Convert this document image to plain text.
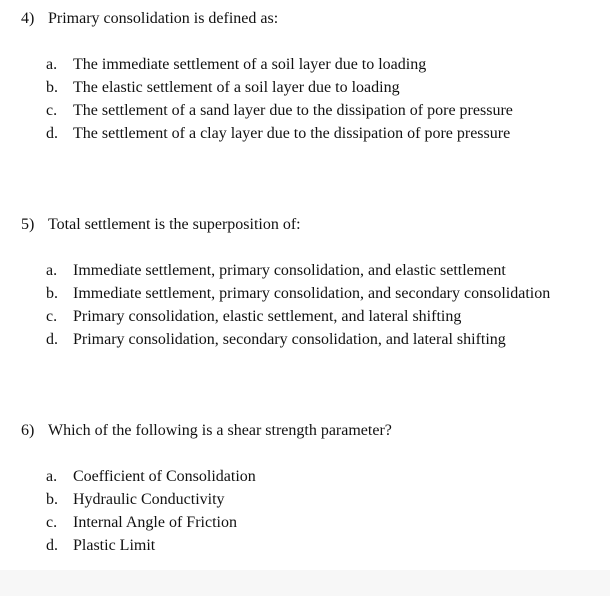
4) Primary consolidation is defined as:
a. The immediate settlement of a soil layer due to loading
b. The elastic settlement of a soil layer due to loading
c. The settlement of a sand layer due to the dissipation of pore pressure
d. The settlement of a clay layer due to the dissipation of pore pressure
5) Total settlement is the superposition of:
a. Immediate settlement, primary consolidation, and elastic settlement
b. Immediate settlement, primary consolidation, and secondary consolidation
c. Primary consolidation, elastic settlement, and lateral shifting
d. Primary consolidation, secondary consolidation, and lateral shifting
6) Which of the following is a shear strength parameter?
a. Coefficient of Consolidation
b. Hydraulic Conductivity
c. Internal Angle of Friction
d. Plastic Limit
